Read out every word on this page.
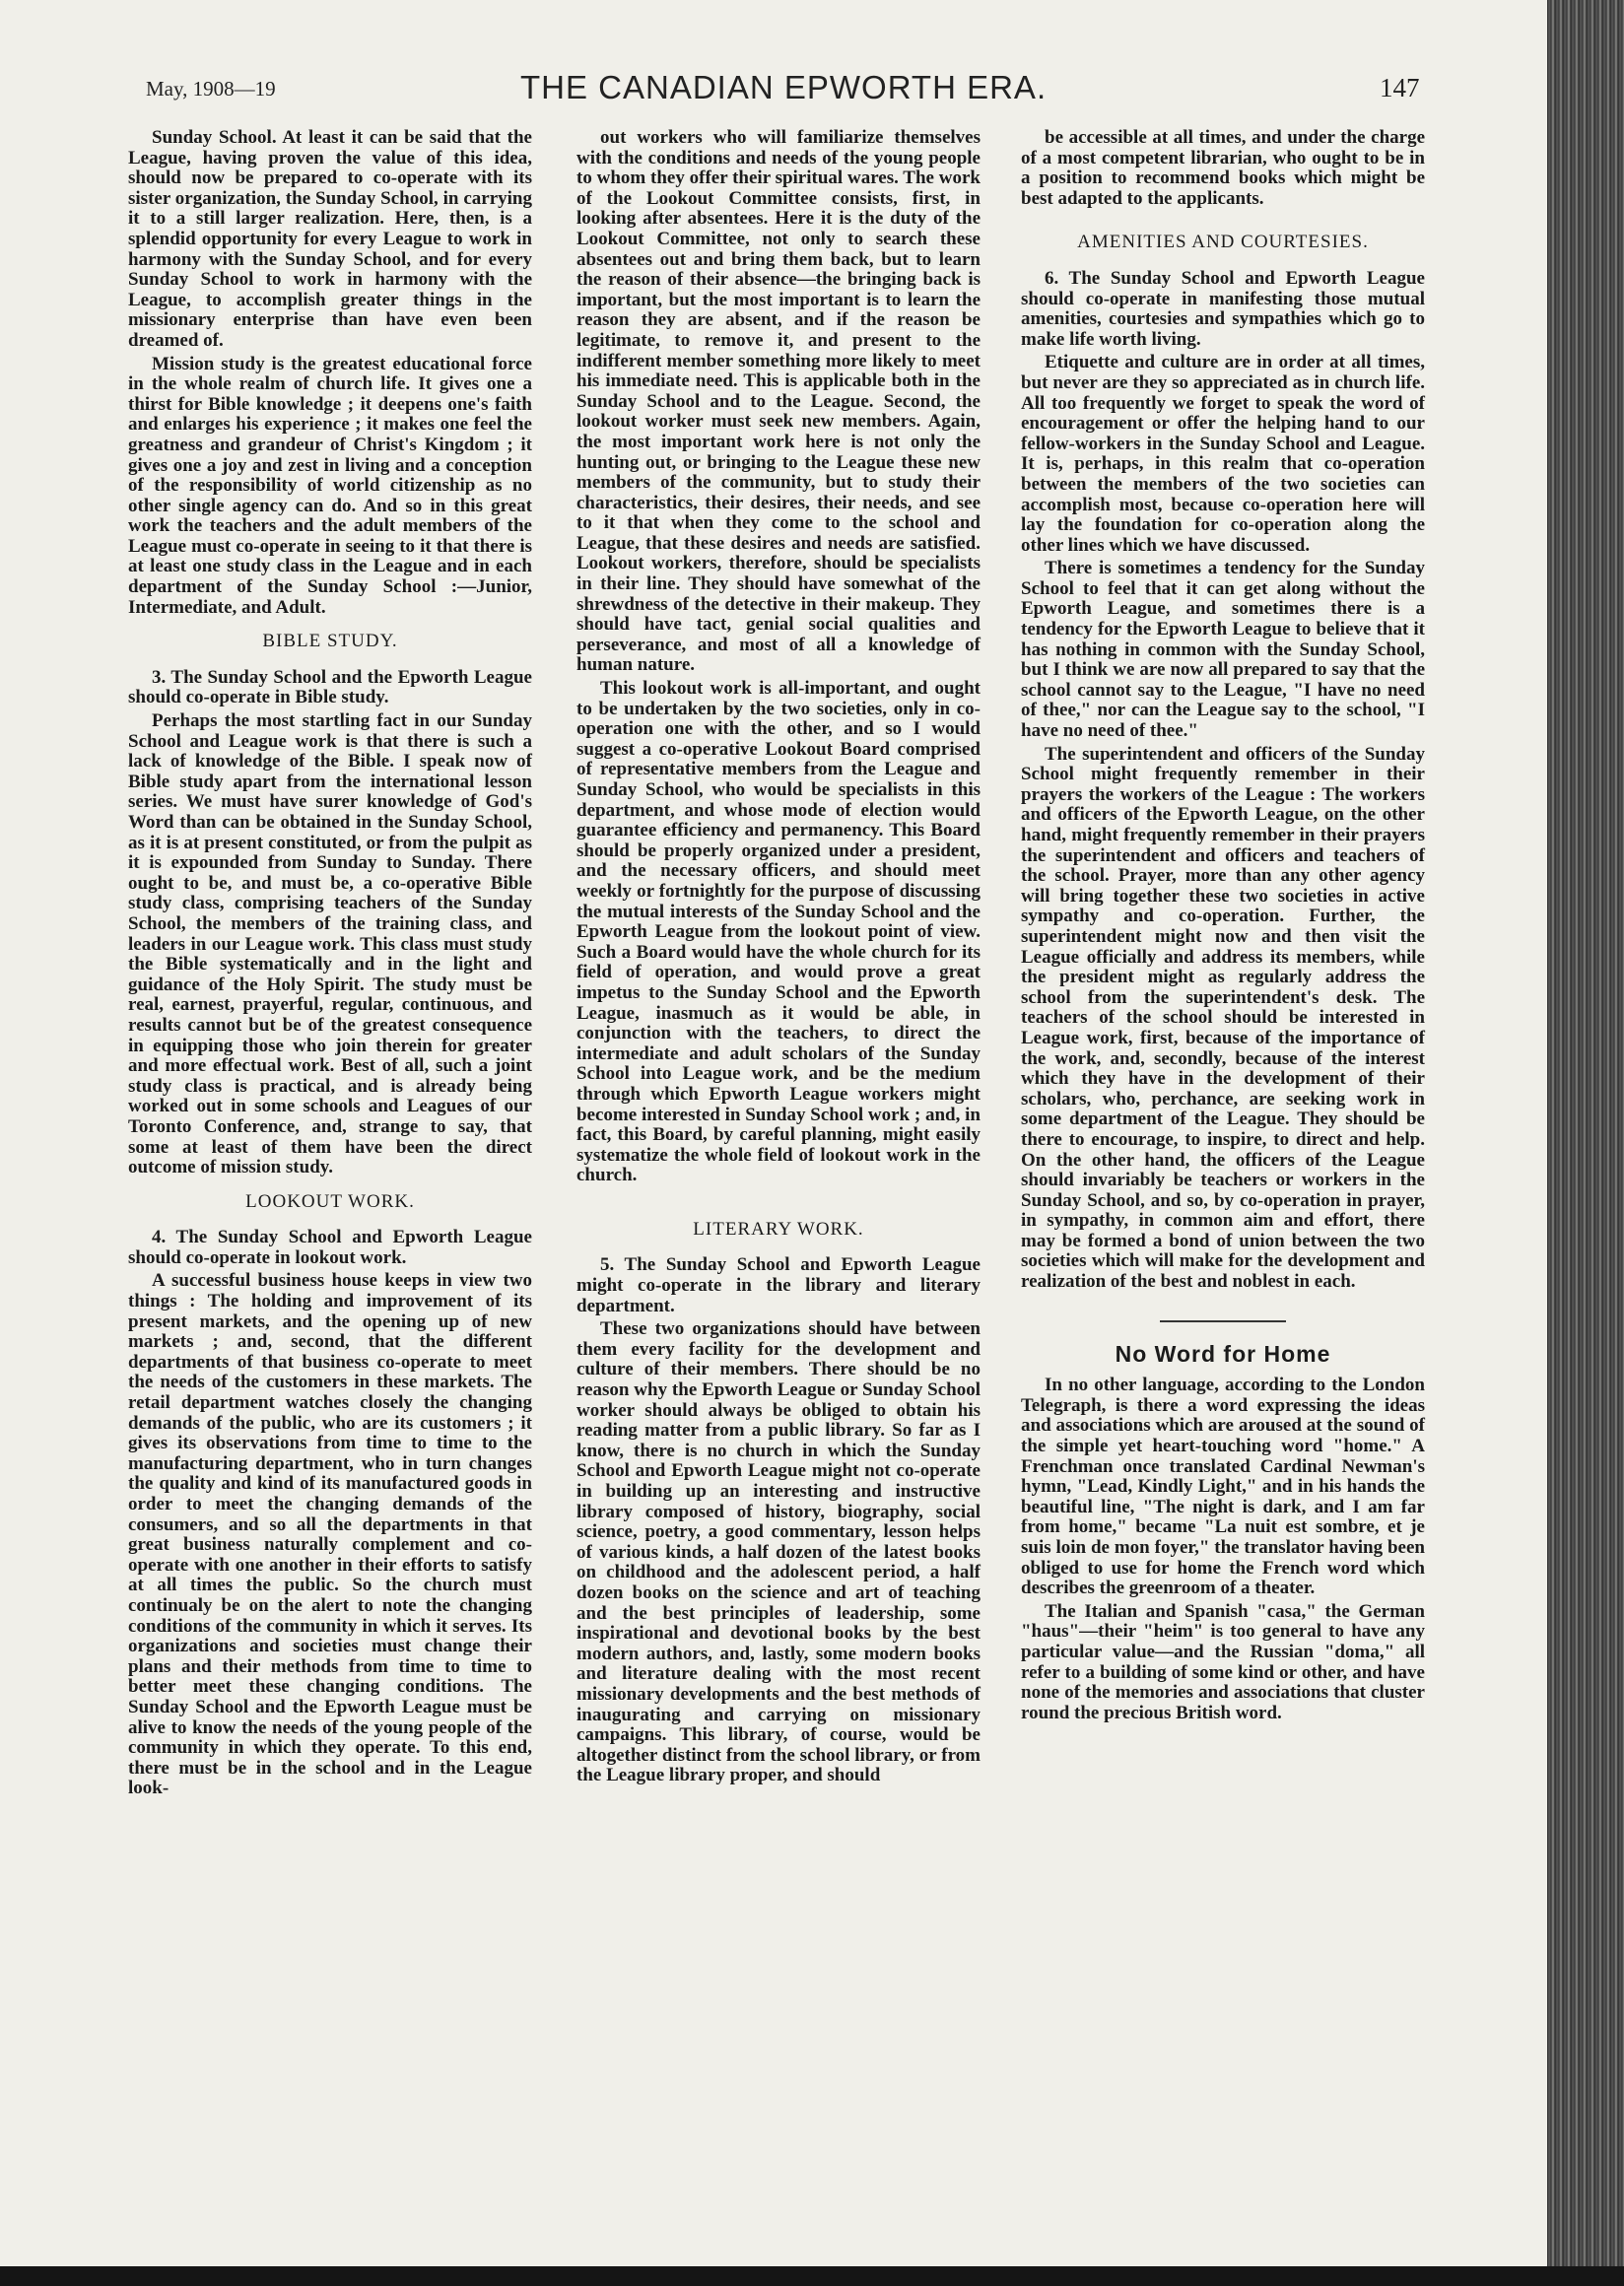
May, 1908—19	THE CANADIAN EPWORTH ERA.	147

Sunday School. At least it can be said that the League, having proven the value of this idea, should now be prepared to co-operate with its sister organization, the Sunday School, in carrying it to a still larger realization. Here, then, is a splendid opportunity for every League to work in harmony with the Sunday School, and for every Sunday School to work in harmony with the League, to accomplish greater things in the missionary enterprise than have even been dreamed of.

Mission study is the greatest educational force in the whole realm of church life. It gives one a thirst for Bible knowledge ; it deepens one's faith and enlarges his experience ; it makes one feel the greatness and grandeur of Christ's Kingdom ; it gives one a joy and zest in living and a conception of the responsibility of world citizenship as no other single agency can do. And so in this great work the teachers and the adult members of the League must co-operate in seeing to it that there is at least one study class in the League and in each department of the Sunday School :—Junior, Intermediate, and Adult.

BIBLE STUDY.

3. The Sunday School and the Epworth League should co-operate in Bible study.

Perhaps the most startling fact in our Sunday School and League work is that there is such a lack of knowledge of the Bible. I speak now of Bible study apart from the international lesson series. We must have surer knowledge of God's Word than can be obtained in the Sunday School, as it is at present constituted, or from the pulpit as it is expounded from Sunday to Sunday. There ought to be, and must be, a co-operative Bible study class, comprising teachers of the Sunday School, the members of the training class, and leaders in our League work. This class must study the Bible systematically and in the light and guidance of the Holy Spirit. The study must be real, earnest, prayerful, regular, continuous, and results cannot but be of the greatest consequence in equipping those who join therein for greater and more effectual work. Best of all, such a joint study class is practical, and is already being worked out in some schools and Leagues of our Toronto Conference, and, strange to say, that some at least of them have been the direct outcome of mission study.

LOOKOUT WORK.

4. The Sunday School and Epworth League should co-operate in lookout work.

A successful business house keeps in view two things : The holding and improvement of its present markets, and the opening up of new markets ; and, second, that the different departments of that business co-operate to meet the needs of the customers in these markets. The retail department watches closely the changing demands of the public, who are its customers ; it gives its observations from time to time to the manufacturing department, who in turn changes the quality and kind of its manufactured goods in order to meet the changing demands of the consumers, and so all the departments in that great business naturally complement and co-operate with one another in their efforts to satisfy at all times the public. So the church must continualy be on the alert to note the changing conditions of the community in which it serves. Its organizations and societies must change their plans and their methods from time to time to better meet these changing conditions. The Sunday School and the Epworth League must be alive to know the needs of the young people of the community in which they operate. To this end, there must be in the school and in the League look-

out workers who will familiarize themselves with the conditions and needs of the young people to whom they offer their spiritual wares. The work of the Lookout Committee consists, first, in looking after absentees. Here it is the duty of the Lookout Committee, not only to search these absentees out and bring them back, but to learn the reason of their absence—the bringing back is important, but the most important is to learn the reason they are absent, and if the reason be legitimate, to remove it, and present to the indifferent member something more likely to meet his immediate need. This is applicable both in the Sunday School and to the League. Second, the lookout worker must seek new members. Again, the most important work here is not only the hunting out, or bringing to the League these new members of the community, but to study their characteristics, their desires, their needs, and see to it that when they come to the school and League, that these desires and needs are satisfied. Lookout workers, therefore, should be specialists in their line. They should have somewhat of the shrewdness of the detective in their makeup. They should have tact, genial social qualities and perseverance, and most of all a knowledge of human nature.

This lookout work is all-important, and ought to be undertaken by the two societies, only in co-operation one with the other, and so I would suggest a co-operative Lookout Board comprised of representative members from the League and Sunday School, who would be specialists in this department, and whose mode of election would guarantee efficiency and permanency. This Board should be properly organized under a president, and the necessary officers, and should meet weekly or fortnightly for the purpose of discussing the mutual interests of the Sunday School and the Epworth League from the lookout point of view. Such a Board would have the whole church for its field of operation, and would prove a great impetus to the Sunday School and the Epworth League, inasmuch as it would be able, in conjunction with the teachers, to direct the intermediate and adult scholars of the Sunday School into League work, and be the medium through which Epworth League workers might become interested in Sunday School work ; and, in fact, this Board, by careful planning, might easily systematize the whole field of lookout work in the church.

LITERARY WORK.

5. The Sunday School and Epworth League might co-operate in the library and literary department.

These two organizations should have between them every facility for the development and culture of their members. There should be no reason why the Epworth League or Sunday School worker should always be obliged to obtain his reading matter from a public library. So far as I know, there is no church in which the Sunday School and Epworth League might not co-operate in building up an interesting and instructive library composed of history, biography, social science, poetry, a good commentary, lesson helps of various kinds, a half dozen of the latest books on childhood and the adolescent period, a half dozen books on the science and art of teaching and the best principles of leadership, some inspirational and devotional books by the best modern authors, and, lastly, some modern books and literature dealing with the most recent missionary developments and the best methods of inaugurating and carrying on missionary campaigns. This library, of course, would be altogether distinct from the school library, or from the League library proper, and should

be accessible at all times, and under the charge of a most competent librarian, who ought to be in a position to recommend books which might be best adapted to the applicants.

AMENITIES AND COURTESIES.

6. The Sunday School and Epworth League should co-operate in manifesting those mutual amenities, courtesies and sympathies which go to make life worth living.

Etiquette and culture are in order at all times, but never are they so appreciated as in church life. All too frequently we forget to speak the word of encouragement or offer the helping hand to our fellow-workers in the Sunday School and League. It is, perhaps, in this realm that co-operation between the members of the two societies can accomplish most, because co-operation here will lay the foundation for co-operation along the other lines which we have discussed.

There is sometimes a tendency for the Sunday School to feel that it can get along without the Epworth League, and sometimes there is a tendency for the Epworth League to believe that it has nothing in common with the Sunday School, but I think we are now all prepared to say that the school cannot say to the League, "I have no need of thee," nor can the League say to the school, "I have no need of thee."

The superintendent and officers of the Sunday School might frequently remember in their prayers the workers of the League : The workers and officers of the Epworth League, on the other hand, might frequently remember in their prayers the superintendent and officers and teachers of the school. Prayer, more than any other agency will bring together these two societies in active sympathy and co-operation. Further, the superintendent might now and then visit the League officially and address its members, while the president might as regularly address the school from the superintendent's desk. The teachers of the school should be interested in League work, first, because of the importance of the work, and, secondly, because of the interest which they have in the development of their scholars, who, perchance, are seeking work in some department of the League. They should be there to encourage, to inspire, to direct and help. On the other hand, the officers of the League should invariably be teachers or workers in the Sunday School, and so, by co-operation in prayer, in sympathy, in common aim and effort, there may be formed a bond of union between the two societies which will make for the development and realization of the best and noblest in each.

No Word for Home

In no other language, according to the London Telegraph, is there a word expressing the ideas and associations which are aroused at the sound of the simple yet heart-touching word "home." A Frenchman once translated Cardinal Newman's hymn, "Lead, Kindly Light," and in his hands the beautiful line, "The night is dark, and I am far from home," became "La nuit est sombre, et je suis loin de mon foyer," the translator having been obliged to use for home the French word which describes the greenroom of a theater.

The Italian and Spanish "casa," the German "haus"—their "heim" is too general to have any particular value—and the Russian "doma," all refer to a building of some kind or other, and have none of the memories and associations that cluster round the precious British word.
